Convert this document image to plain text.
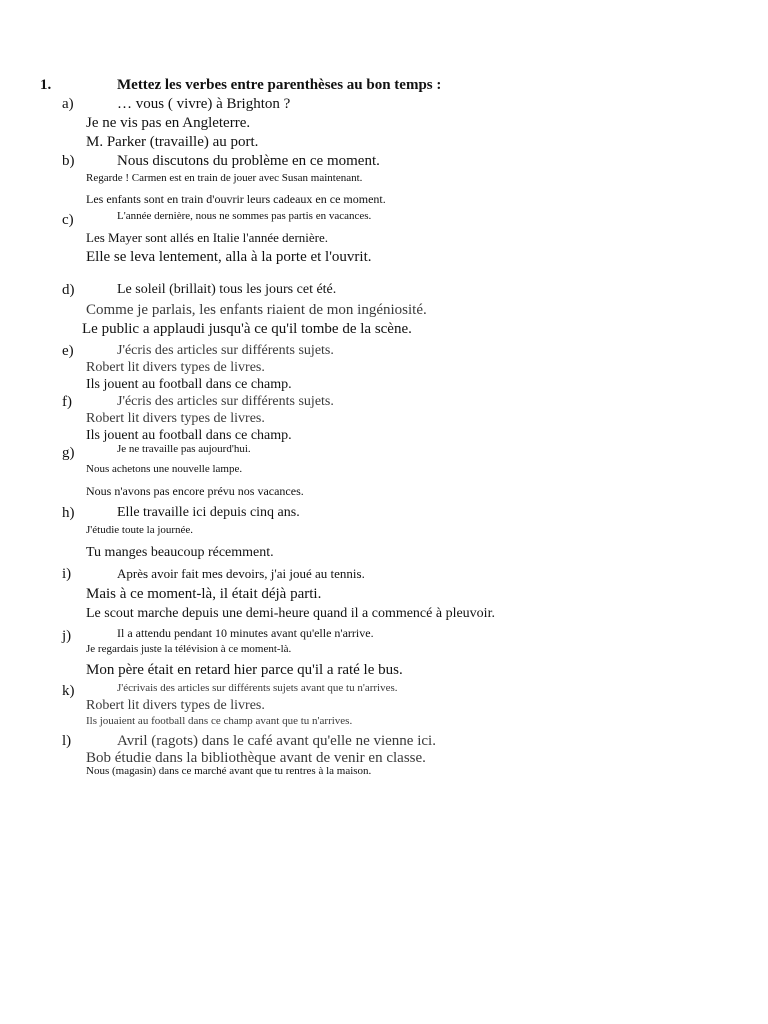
1.	Mettez les verbes entre parenthèses au bon temps :
a)	… vous ( vivre) à Brighton ?
Je ne vis pas en Angleterre.
M. Parker (travaille) au port.
b)	Nous discutons du problème en ce moment.
Regarde ! Carmen est en train de jouer avec Susan maintenant.
Les enfants sont en train d'ouvrir leurs cadeaux en ce moment.
c)	L'année dernière, nous ne sommes pas partis en vacances.
Les Mayer sont allés en Italie l'année dernière.
Elle se leva lentement, alla à la porte et l'ouvrit.
d)	Le soleil (brillait) tous les jours cet été.
Comme je parlais, les enfants riaient de mon ingéniosité.
Le public a applaudi jusqu'à ce qu'il tombe de la scène.
e)	J'écris des articles sur différents sujets.
Robert lit divers types de livres.
Ils jouent au football dans ce champ.
f)	J'écris des articles sur différents sujets.
Robert lit divers types de livres.
Ils jouent au football dans ce champ.
g)	Je ne travaille pas aujourd'hui.
Nous achetons une nouvelle lampe.
Nous n'avons pas encore prévu nos vacances.
h)	Elle travaille ici depuis cinq ans.
J'étudie toute la journée.
Tu manges beaucoup récemment.
i)	Après avoir fait mes devoirs, j'ai joué au tennis.
Mais à ce moment-là, il était déjà parti.
Le scout marche depuis une demi-heure quand il a commencé à pleuvoir.
j)	Il a attendu pendant 10 minutes avant qu'elle n'arrive.
Je regardais juste la télévision à ce moment-là.
Mon père était en retard hier parce qu'il a raté le bus.
k)	J'écrivais des articles sur différents sujets avant que tu n'arrives.
Robert lit divers types de livres.
Ils jouaient au football dans ce champ avant que tu n'arrives.
l)	Avril (ragots) dans le café avant qu'elle ne vienne ici.
Bob étudie dans la bibliothèque avant de venir en classe.
Nous (magasin) dans ce marché avant que tu rentres à la maison.
